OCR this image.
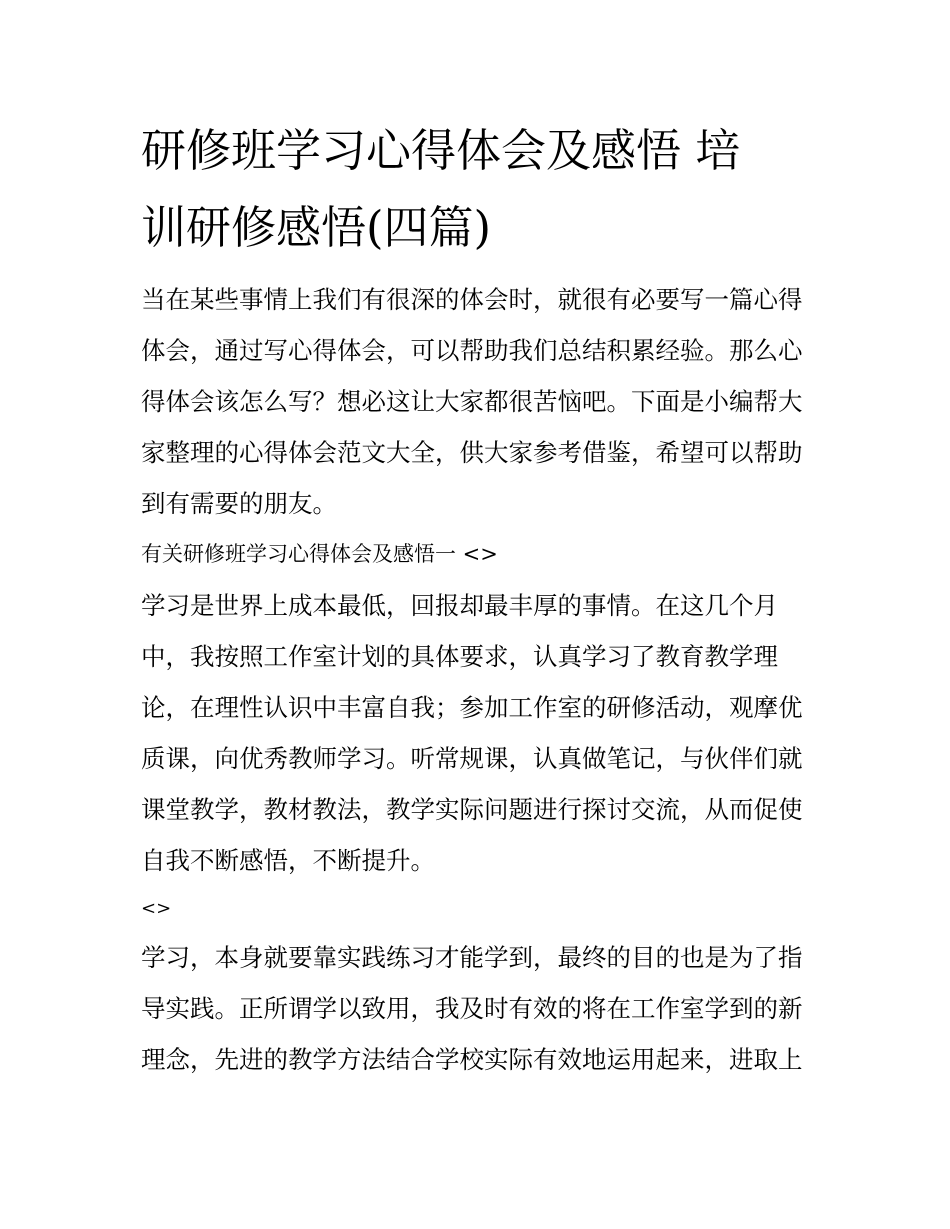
研修班学习心得体会及感悟 培
训研修感悟(四篇)

当在某些事情上我们有很深的体会时，就很有必要写一篇心得
体会，通过写心得体会，可以帮助我们总结积累经验。那么心
得体会该怎么写？想必这让大家都很苦恼吧。下面是小编帮大
家整理的心得体会范文大全，供大家参考借鉴，希望可以帮助
到有需要的朋友。

有关研修班学习心得体会及感悟一 <>

学习是世界上成本最低，回报却最丰厚的事情。在这几个月
中，我按照工作室计划的具体要求，认真学习了教育教学理
论，在理性认识中丰富自我；参加工作室的研修活动，观摩优
质课，向优秀教师学习。听常规课，认真做笔记，与伙伴们就
课堂教学，教材教法，教学实际问题进行探讨交流，从而促使
自我不断感悟，不断提升。

<>

学习，本身就要靠实践练习才能学到，最终的目的也是为了指
导实践。正所谓学以致用，我及时有效的将在工作室学到的新
理念，先进的教学方法结合学校实际有效地运用起来，进取上
